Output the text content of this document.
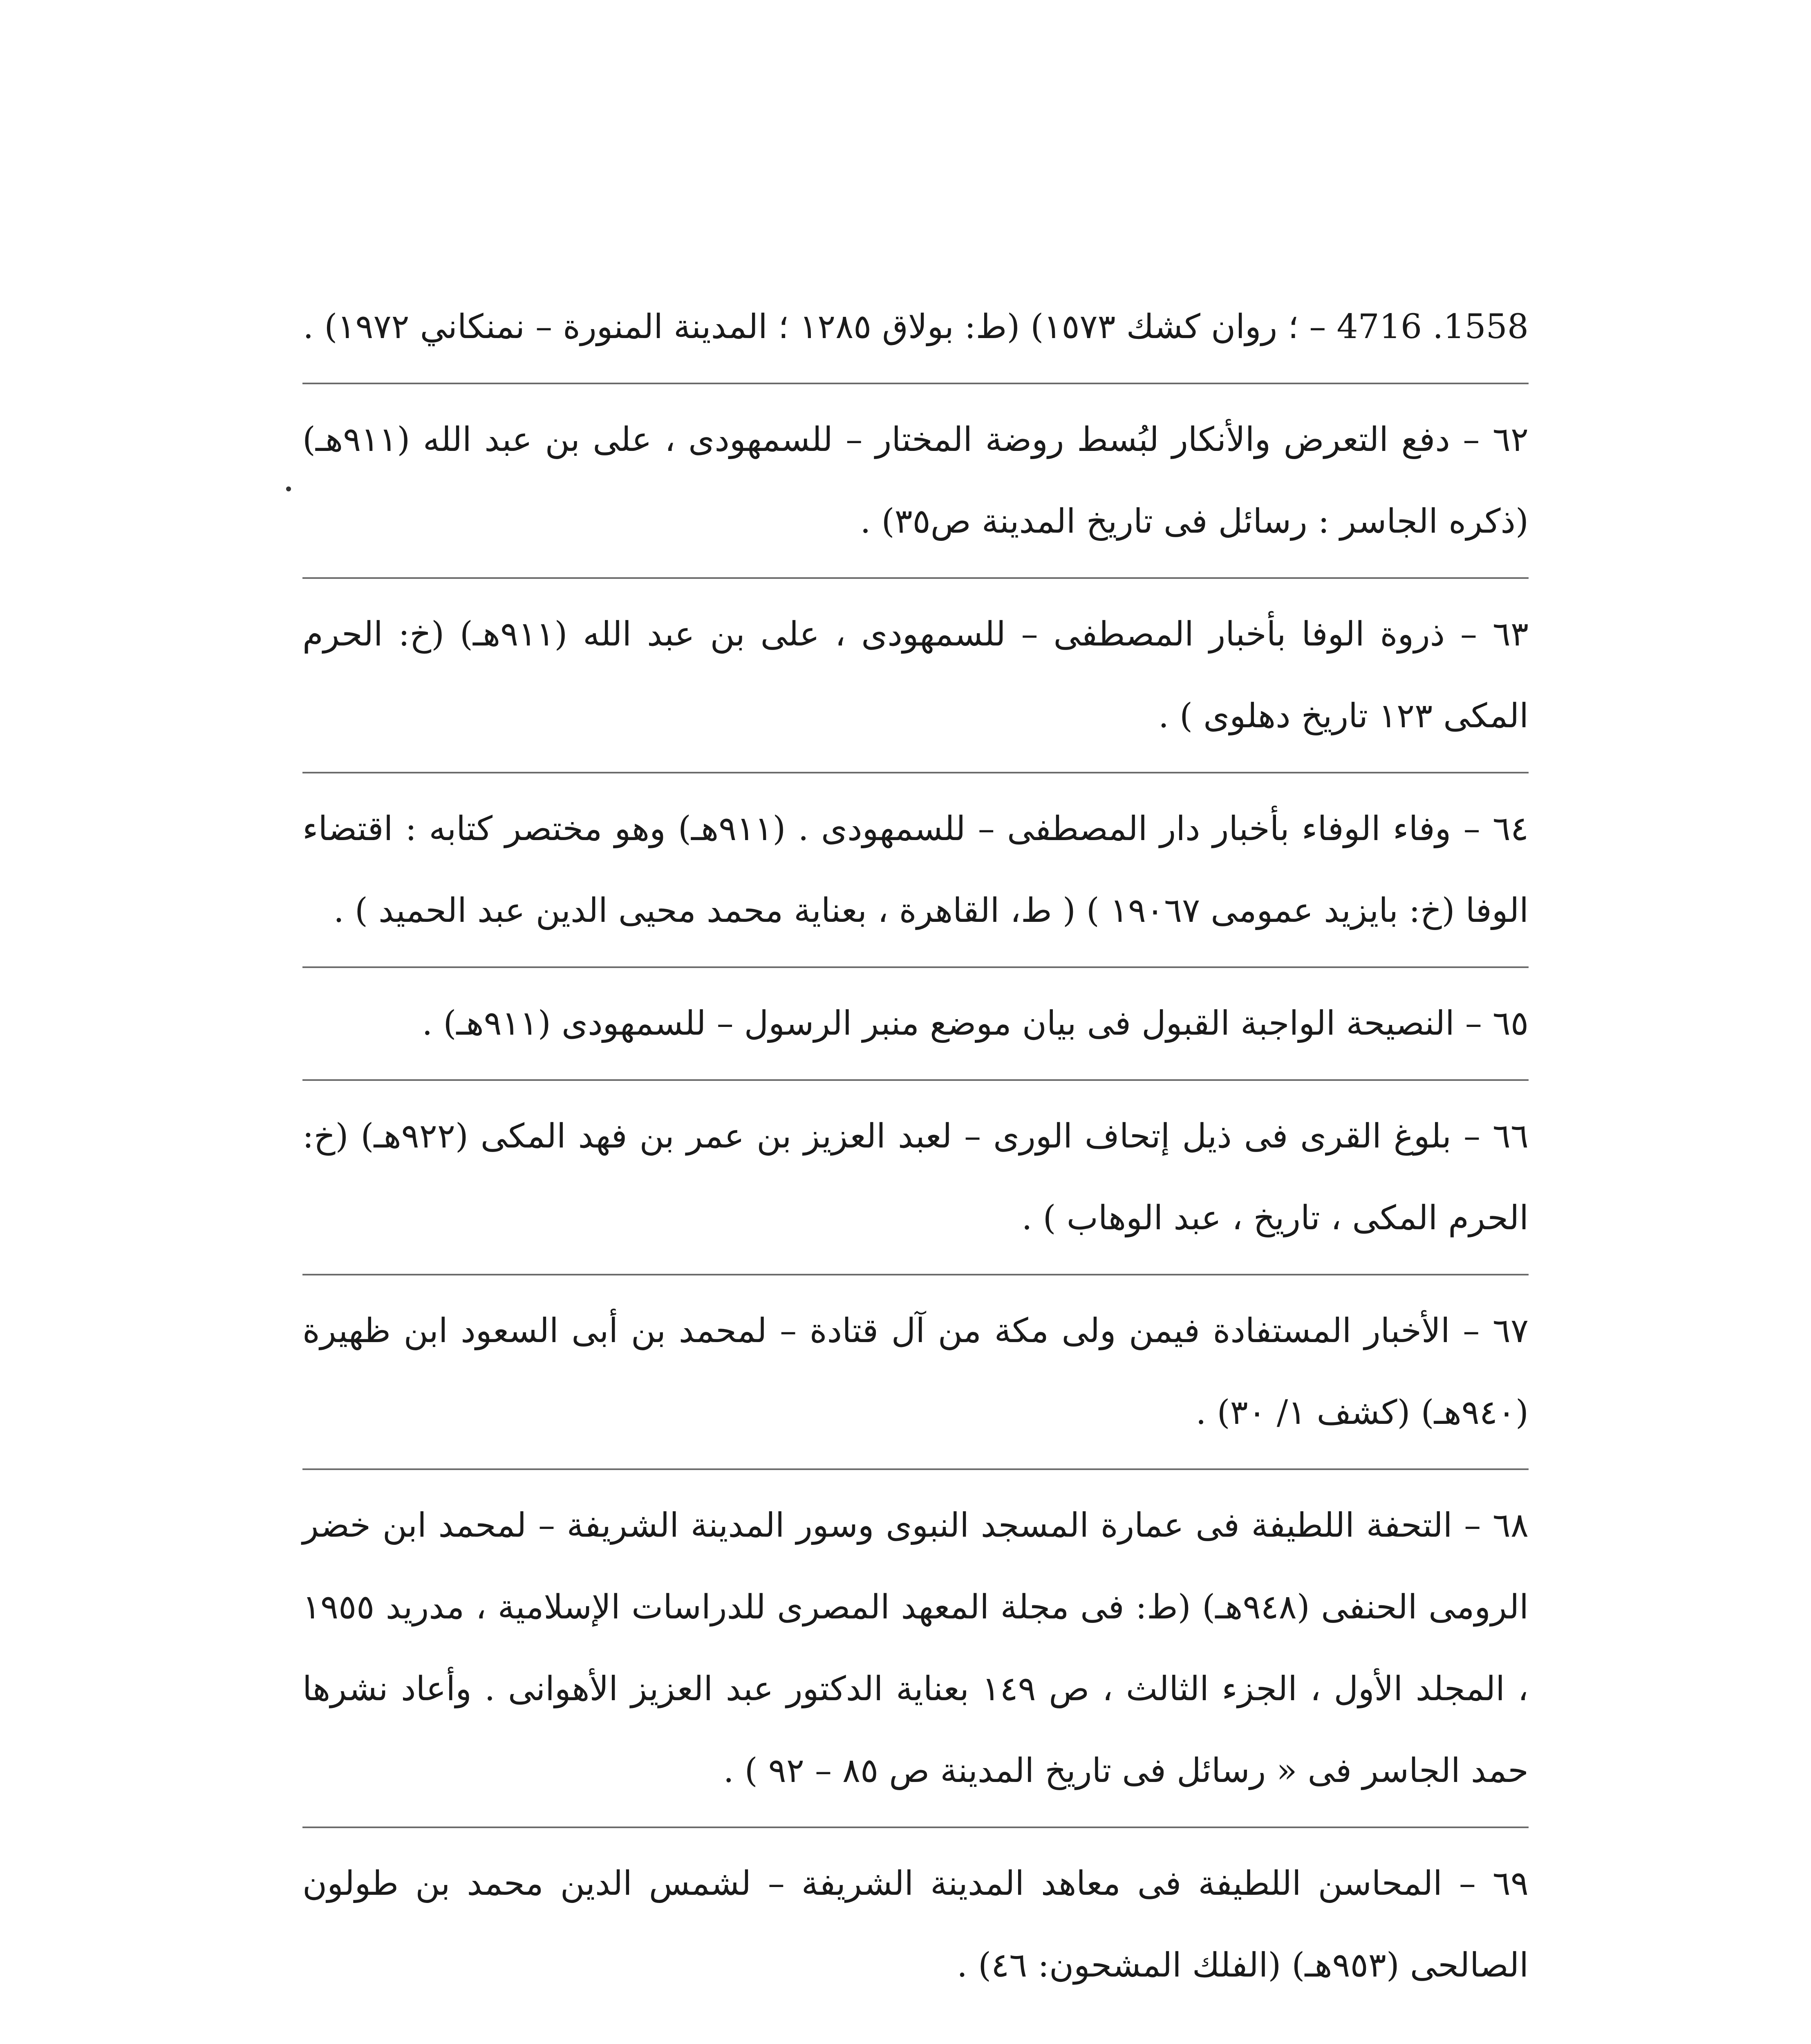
1558. 4716 – ؛ روان كشك ١٥٧٣) (ط: بولاق ١٢٨٥ ؛ المدينة المنورة – نمنكاني ١٩٧٢) .

٦٢ – دفع التعرض والأنكار لبُسط روضة المختار – للسمهودى ، على بن عبد الله (٩١١هـ) (ذكره الجاسر : رسائل فى تاريخ المدينة ص٣٥) .

٦٣ – ذروة الوفا بأخبار المصطفى – للسمهودى ، على بن عبد الله (٩١١هـ) (خ: الحرم المكى ١٢٣ تاريخ دهلوى ) .

٦٤ – وفاء الوفاء بأخبار دار المصطفى – للسمهودى . (٩١١هـ) وهو مختصر كتابه : اقتضاء الوفا (خ: بايزيد عمومى ١٩٠٦٧ ) ( ط، القاهرة ، بعناية محمد محيى الدين عبد الحميد ) .

٦٥ – النصيحة الواجبة القبول فى بيان موضع منبر الرسول – للسمهودى (٩١١هـ) .

٦٦ – بلوغ القرى فى ذيل إتحاف الورى – لعبد العزيز بن عمر بن فهد المكى (٩٢٢هـ) (خ: الحرم المكى ، تاريخ ، عبد الوهاب ) .

٦٧ – الأخبار المستفادة فيمن ولى مكة من آل قتادة – لمحمد بن أبى السعود ابن ظهيرة (٩٤٠هـ) (كشف ١/ ٣٠) .

٦٨ – التحفة اللطيفة فى عمارة المسجد النبوى وسور المدينة الشريفة – لمحمد ابن خضر الرومى الحنفى (٩٤٨هـ) (ط: فى مجلة المعهد المصرى للدراسات الإسلامية ، مدريد ١٩٥٥ ، المجلد الأول ، الجزء الثالث ، ص ١٤٩ بعناية الدكتور عبد العزيز الأهوانى . وأعاد نشرها حمد الجاسر فى « رسائل فى تاريخ المدينة ص ٨٥ – ٩٢ ) .

٦٩ – المحاسن اللطيفة فى معاهد المدينة الشريفة – لشمس الدين محمد بن طولون الصالحى (٩٥٣هـ) (الفلك المشحون: ٤٦) .
